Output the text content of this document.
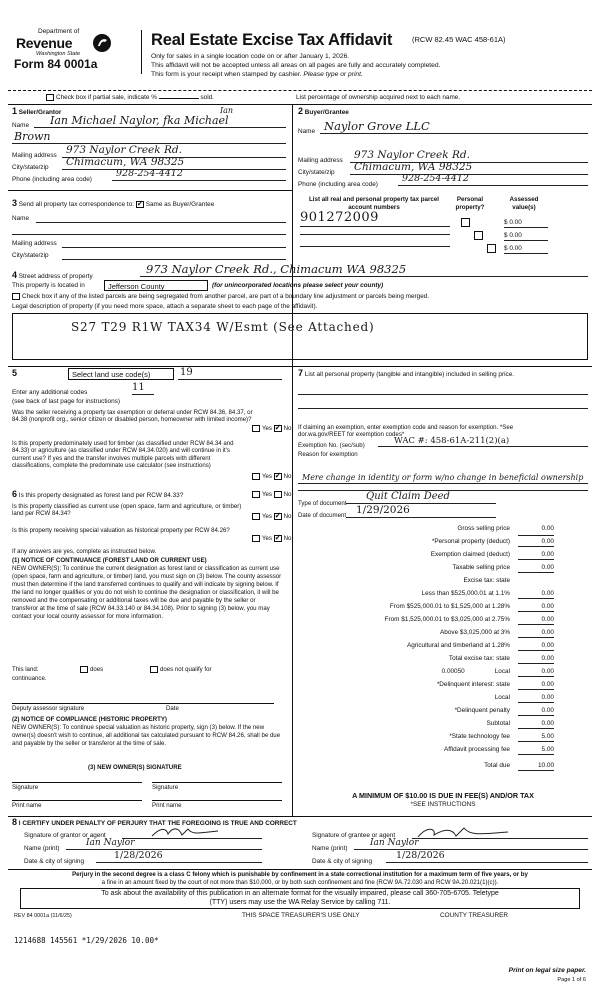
Department of
Revenue
Washington State
Form 84 0001a
Real Estate Excise Tax Affidavit	(RCW 82.45 WAC 458-61A)
Only for sales in a single location code on or after January 1, 2026.
This affidavit will not be accepted unless all areas on all pages are fully and accurately completed.
This form is your receipt when stamped by cashier. Please type or print.
Check box if partial sale, indicate %	sold.	List percentage of ownership acquired next to each name.
1 Seller/Grantor
Name
Ian
Ian Michael Naylor, fka Michael
Brown
Mailing address 973 Naylor Creek Rd.
City/state/zip	Chimacum, WA 98325
Phone (including area code)
928-254-4412
2 Buyer/Grantee
Name Naylor Grove LLC
Mailing address	973 Naylor Creek Rd.
City/state/zip	Chimacum, WA 98325
Phone (including area code)
928-254-4412
3 Send all property tax correspondence to: ✓ Same as Buyer/Grantee
Name
Mailing address
City/state/zip
List all real and personal property tax parcel account numbers
Personal property?
Assessed value(s)
901272009
	$ 0.00
$ 0.00
$ 0.00
4 Street address of property
973 Naylor Creek Rd., Chimacum WA 98325
This property is located in	Jefferson County	(for unincorporated locations please select your county)
Check box if any of the listed parcels are being segregated from another parcel, are part of a boundary line adjustment or parcels being merged.
Legal description of property (if you need more space, attach a separate sheet to each page of the affidavit).
S27 T29 R1W TAX34 W/Esmt (See Attached)
5	Select land use code(s)	19
Enter any additional codes	11
(see back of last page for instructions)
Was the seller receiving a property tax exemption or deferral under RCW 84.36, 84.37, or 84.38 (nonprofit org., senior citizen or disabled person, homeowner with limited income)?
Yes ✓ No
Is this property predominately used for timber (as classified under RCW 84.34 and 84.33) or agriculture (as classified under RCW 84.34.020) and will continue in it's current use? If yes and the transfer involves multiple parcels with different classifications, complete the predominate use calculator (see instructions)
Yes ✓ No
6 Is this property designated as forest land per RCW 84.33?	Yes No
Is this property classified as current use (open space, farm and agriculture, or timber) land per RCW 84.34?	Yes ✓ No
Is this property receiving special valuation as historical property per RCW 84.26?
Yes ✓ No
If any answers are yes, complete as instructed below.
(1) NOTICE OF CONTINUANCE (FOREST LAND OR CURRENT USE)
NEW OWNER(S): To continue the current designation as forest land or classification as current use (open space, farm and agriculture, or timber) land, you must sign on (3) below. The county assessor must then determine if the land transferred continues to qualify and will indicate by signing below. If the land no longer qualifies or you do not wish to continue the designation or classification, it will be removed and the compensating or additional taxes will be due and payable by the seller or transferor at the time of sale (RCW 84.33.140 or 84.34.108). Prior to signing (3) below, you may contact your local county assessor for more information.
This land:	does	does not qualify for
continuance.
Deputy assessor signature	Date
(2) NOTICE OF COMPLIANCE (HISTORIC PROPERTY)
NEW OWNER(S): To continue special valuation as historic property, sign (3) below. If the new owner(s) doesn't wish to continue, all additional tax calculated pursuant to RCW 84.26, shall be due and payable by the seller or transferor at the time of sale.
(3) NEW OWNER(S) SIGNATURE
Signature	Signature
Print name	Print name
7 List all personal property (tangible and intangible) included in selling price.
If claiming an exemption, enter exemption code and reason for exemption. *See dor.wa.gov/REET for exemption codes*
Exemption No. (sec/sub)	WAC #: 458-61A-211(2)(a)
Reason for exemption
Mere change in identity or form w/no change in beneficial ownership
Type of document
Quit Claim Deed
Date of document 1/29/2026
Gross selling price	0.00
*Personal property (deduct)	0.00
Exemption claimed (deduct)	0.00
Taxable selling price	0.00
Excise tax: state
Less than $525,000.01 at 1.1%	0.00
From $525,000.01 to $1,525,000 at 1.28%	0.00
From $1,525,000.01 to $3,025,000 at 2.75%	0.00
Above $3,025,000 at 3%	0.00
Agricultural and timberland at 1.28%	0.00
Total excise tax: state	0.00
0.00050	Local	0.00
*Delinquent interest: state	0.00
Local	0.00
*Delinquent penalty	0.00
Subtotal	0.00
*State technology fee	5.00
Affidavit processing fee	5.00
Total due	10.00
A MINIMUM OF $10.00 IS DUE IN FEE(S) AND/OR TAX
*SEE INSTRUCTIONS
8 I CERTIFY UNDER PENALTY OF PERJURY THAT THE FOREGOING IS TRUE AND CORRECT
Signature of grantor or agent
Name (print)
Ian Naylor
Date & city of signing
1/28/2026
Signature of grantee or agent
Name (print)
Ian Naylor
Date & city of signing
1/28/2026
Perjury in the second degree is a class C felony which is punishable by confinement in a state correctional institution for a maximum term of five years, or by
a fine in an amount fixed by the court of not more than $10,000, or by both such confinement and fine (RCW 9A.72.030 and RCW 9A.20.021(1)(c)).
To ask about the availability of this publication in an alternate format for the visually impaired, please call 360-705-6705. Teletype
(TTY) users may use the WA Relay Service by calling 711.
REV 84 0001a (11/6/25)	THIS SPACE TREASURER'S USE ONLY	COUNTY TREASURER
1214688 145561 *1/29/2026 10.00*
Print on legal size paper.
Page 1 of 6
